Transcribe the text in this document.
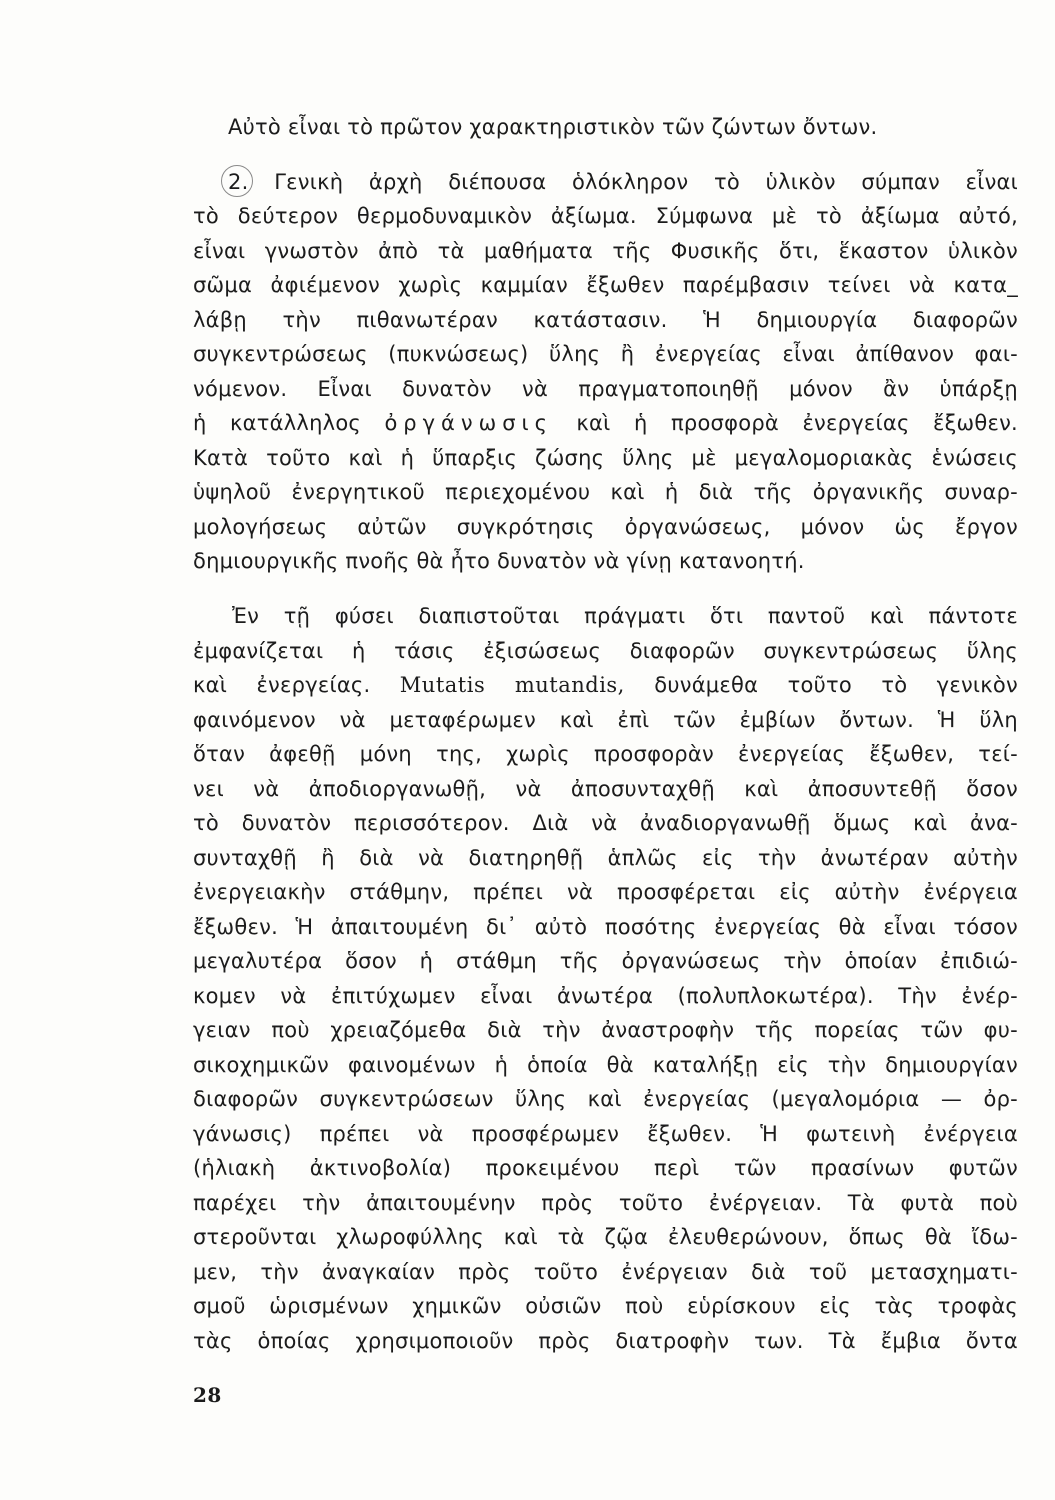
Αὐτὸ εἶναι τὸ πρῶτον χαρακτηριστικὸν τῶν ζώντων ὄντων.
2. Γενικὴ ἀρχὴ διέπουσα ὁλόκληρον τὸ ὑλικὸν σύμπαν εἶναι
τὸ δεύτερον θερμοδυναμικὸν ἀξίωμα. Σύμφωνα μὲ τὸ ἀξίωμα αὐτό,
εἶναι γνωστὸν ἀπὸ τὰ μαθήματα τῆς Φυσικῆς ὅτι, ἕκαστον ὑλικὸν
σῶμα ἀφιέμενον χωρὶς καμμίαν ἔξωθεν παρέμβασιν τείνει νὰ κατα_
λάβῃ τὴν πιθανωτέραν κατάστασιν. Ἡ δημιουργία διαφορῶν
συγκεντρώσεως (πυκνώσεως) ὕλης ἢ ἐνεργείας εἶναι ἀπίθανον φαι-
νόμενον. Εἶναι δυνατὸν νὰ πραγματοποιηθῇ μόνον ἂν ὑπάρξῃ
ἡ κατάλληλος ὀργάνωσις καὶ ἡ προσφορὰ ἐνεργείας ἔξωθεν.
Κατὰ τοῦτο καὶ ἡ ὕπαρξις ζώσης ὕλης μὲ μεγαλομοριακὰς ἑνώσεις
ὑψηλοῦ ἐνεργητικοῦ περιεχομένου καὶ ἡ διὰ τῆς ὀργανικῆς συναρ-
μολογήσεως αὐτῶν συγκρότησις ὀργανώσεως, μόνον ὡς ἔργον
δημιουργικῆς πνοῆς θὰ ἦτο δυνατὸν νὰ γίνῃ κατανοητή.
Ἐν τῇ φύσει διαπιστοῦται πράγματι ὅτι παντοῦ καὶ πάντοτε
ἐμφανίζεται ἡ τάσις ἐξισώσεως διαφορῶν συγκεντρώσεως ὕλης
καὶ ἐνεργείας. Mutatis mutandis, δυνάμεθα τοῦτο τὸ γενικὸν
φαινόμενον νὰ μεταφέρωμεν καὶ ἐπὶ τῶν ἐμβίων ὄντων. Ἡ ὕλη
ὅταν ἀφεθῇ μόνη της, χωρὶς προσφορὰν ἐνεργείας ἔξωθεν, τεί-
νει νὰ ἀποδιοργανωθῇ, νὰ ἀποσυνταχθῇ καὶ ἀποσυντεθῇ ὅσον
τὸ δυνατὸν περισσότερον. Διὰ νὰ ἀναδιοργανωθῇ ὅμως καὶ ἀνα-
συνταχθῇ ἢ διὰ νὰ διατηρηθῇ ἁπλῶς εἰς τὴν ἀνωτέραν αὐτὴν
ἐνεργειακὴν στάθμην, πρέπει νὰ προσφέρεται εἰς αὐτὴν ἐνέργεια
ἔξωθεν. Ἡ ἀπαιτουμένη δι᾽ αὐτὸ ποσότης ἐνεργείας θὰ εἶναι τόσον
μεγαλυτέρα ὅσον ἡ στάθμη τῆς ὀργανώσεως τὴν ὁποίαν ἐπιδιώ-
κομεν νὰ ἐπιτύχωμεν εἶναι ἀνωτέρα (πολυπλοκωτέρα). Τὴν ἐνέρ-
γειαν ποὺ χρειαζόμεθα διὰ τὴν ἀναστροφὴν τῆς πορείας τῶν φυ-
σικοχημικῶν φαινομένων ἡ ὁποία θὰ καταλήξῃ εἰς τὴν δημιουργίαν
διαφορῶν συγκεντρώσεων ὕλης καὶ ἐνεργείας (μεγαλομόρια — ὀρ-
γάνωσις) πρέπει νὰ προσφέρωμεν ἔξωθεν. Ἡ φωτεινὴ ἐνέργεια
(ἡλιακὴ ἀκτινοβολία) προκειμένου περὶ τῶν πρασίνων φυτῶν
παρέχει τὴν ἀπαιτουμένην πρὸς τοῦτο ἐνέργειαν. Τὰ φυτὰ ποὺ
στεροῦνται χλωροφύλλης καὶ τὰ ζῷα ἐλευθερώνουν, ὅπως θὰ ἴδω-
μεν, τὴν ἀναγκαίαν πρὸς τοῦτο ἐνέργειαν διὰ τοῦ μετασχηματι-
σμοῦ ὡρισμένων χημικῶν οὐσιῶν ποὺ εὑρίσκουν εἰς τὰς τροφὰς
τὰς ὁποίας χρησιμοποιοῦν πρὸς διατροφὴν των. Τὰ ἔμβια ὄντα
28
